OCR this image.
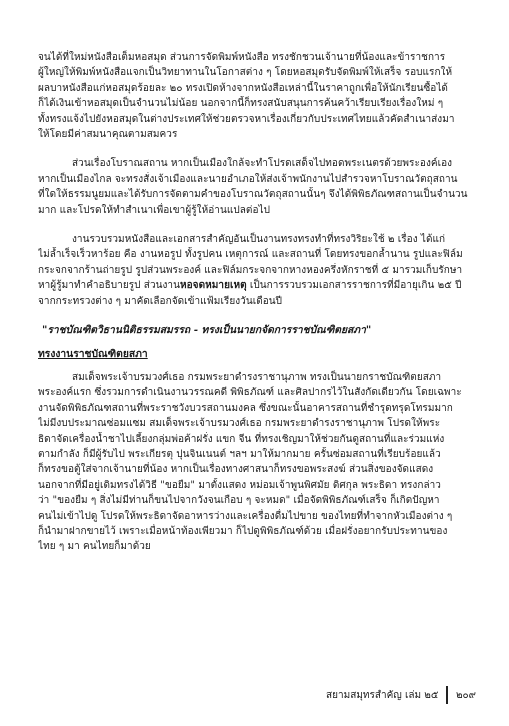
จนได้ที่ใหม่หนังสือเต็มหอสมุด ส่วนการจัดพิมพ์หนังสือ ทรงชักชวนเจ้านายที่น้องและข้าราชการ
ผู้ใหญ่ให้พิมพ์หนังสือแจกเป็นวิทยาทานในโอกาสต่าง ๆ โดยหอสมุดรับจัดพิมพ์ให้เสร็จ รอบแรกให้
ผลบาหนังสือแก่หอสมุดร้อยละ ๒๐ ทรงเปิดห้างจากหนังสือเหล่านี้ในราคาถูกเพื่อให้นักเรียนซื้อได้
ก็ได้เงินเข้าหอสมุดเป็นจำนวนไม่น้อย นอกจากนี้ก็ทรงสนับสนุนการค้นคว้าเรียบเรียงเรื่องใหม่ ๆ
ทั้งทรงแจ้งไปยังหอสมุดในต่างประเทศให้ช่วยตรวจหาเรื่องเกี่ยวกับประเทศไทยแล้วคัดสำเนาส่งมา
ให้โดยมีค่าสมนาคุณตามสมควร
ส่วนเรื่องโบราณสถาน หากเป็นเมืองใกล้จะทำโปรดเสด็จไปทอดพระเนตรด้วยพระองค์เอง
หากเป็นเมืองไกล จะทรงสั่งเจ้าเมืองและนายอำเภอให้ส่งเจ้าพนักงานไปสำรวจหาโบราณวัตถุสถาน
ที่ใดให้ธรรมนูยมและได้รับการจัดตามคำของโบราณวัตถุสถานนั้นๆ จึงได้พิพิธภัณฑสถานเป็นจำนวน
มาก และโปรดให้ทำสำเนาเพื่อเขาผู้รู้ให้อ่านแปลต่อไป
งานรวบรวมหนังสือและเอกสารสำคัญอันเป็นงานทรงทรงทำที่ทรงวิริยะใช้ ๒ เรื่อง ได้แก่
ไม่ล้ำเร็จเร็วหาร้อย คือ งานหอรูป ทั้งรูปคน เหตุการณ์ และสถานที่ โดยทรงขอกล้ำนาน รูปและฟิล์ม
กระจกจากร้านถ่ายรูป รูปส่วนพระองค์ และฟิล์มกระจกจากหางหองครึ่งหักราชที่ ๕ มารวมเก็บรักษา
หาผู้รู้มาทำคำอธิบายรูป ส่วนงานหอจดหมายเหตุ เป็นการรวบรวมเอกสารราชการที่มีอายุเกิน ๒๕ ปี
จากกระทรวงต่าง ๆ มาคัดเลือกจัดเข้าแฟ้มเรียงวันเดือนปี
"ราชบัณฑิตวิธานนิติธรรมสมรรถ - ทรงเป็นนายกจัดการราชบัณฑิตยสภา"
ทรงงานราชบัณฑิตยสภา
สมเด็จพระเจ้าบรมวงศ์เธอ กรมพระยาดำรงราชานุภาพ ทรงเป็นนายกราชบัณฑิตยสภา
พระองค์แรก ซึ่งรวมการดำเนินงานวรรณคดี พิพิธภัณฑ์ และศิลปากรไว้ในสังกัดเดียวกัน โดยเฉพาะ
งานจัดพิพิธภัณฑสถานที่พระราชวังบวรสถานมงคล ซึ่งขณะนั้นอาคารสถานที่ชำรุดทรุดโทรมมาก
ไม่มีงบประมาณซ่อมแซม สมเด็จพระเจ้าบรมวงศ์เธอ กรมพระยาดำรงราชานุภาพ โปรดให้พระ
ธิดาจัดเครื่องน้ำชาไปเลี้ยงกลุ่มพ่อค้าฝรั่ง แขก จีน ที่ทรงเชิญมาให้ช่วยกันดูสถานที่และร่วมแห่ง
ตามกำลัง ก็มีผู้รับไป พระเกียรตุ ปุนจินเนนต์ ฯลฯ มาให้มากมาย ครั้นซ่อมสถานที่เรียบร้อยแล้ว
ก็ทรงขอตู้ใส่จากเจ้านายที่น้อง หากเป็นเรื่องทางศาสนาก็ทรงขอพระสงฆ์ ส่วนสิ่งของจัดแสดง
นอกจากที่มีอยู่เดิมทรงได้วิธี "ขอยืม" มาตั้งแสดง หม่อมเจ้าพูนพิศมัย ดิศกุล พระธิดา ทรงกล่าว
ว่า "ของยืม ๆ สิ่งไม่มีท่านก็ขนไปจากวังจนเกือบ ๆ จะหมด" เมื่อจัดพิพิธภัณฑ์เสร็จ ก็เกิดปัญหา
คนไม่เข้าไปดู โปรดให้พระธิดาจัดอาหารว่างและเครื่องดื่มไปขาย ของไทยที่ทำจากหัวเมืองต่าง ๆ
ก็นำมาฝากขายไว้ เพราะเมื่อหน้าท้องเพียวมา ก็ไปดูพิพิธภัณฑ์ด้วย เมื่อฝรั่งอยากรับประทานของ
ไทย ๆ มา คนไทยก็มาด้วย
สยามสมุทรสำคัญ เล่ม ๒๕ ๒๐๙
